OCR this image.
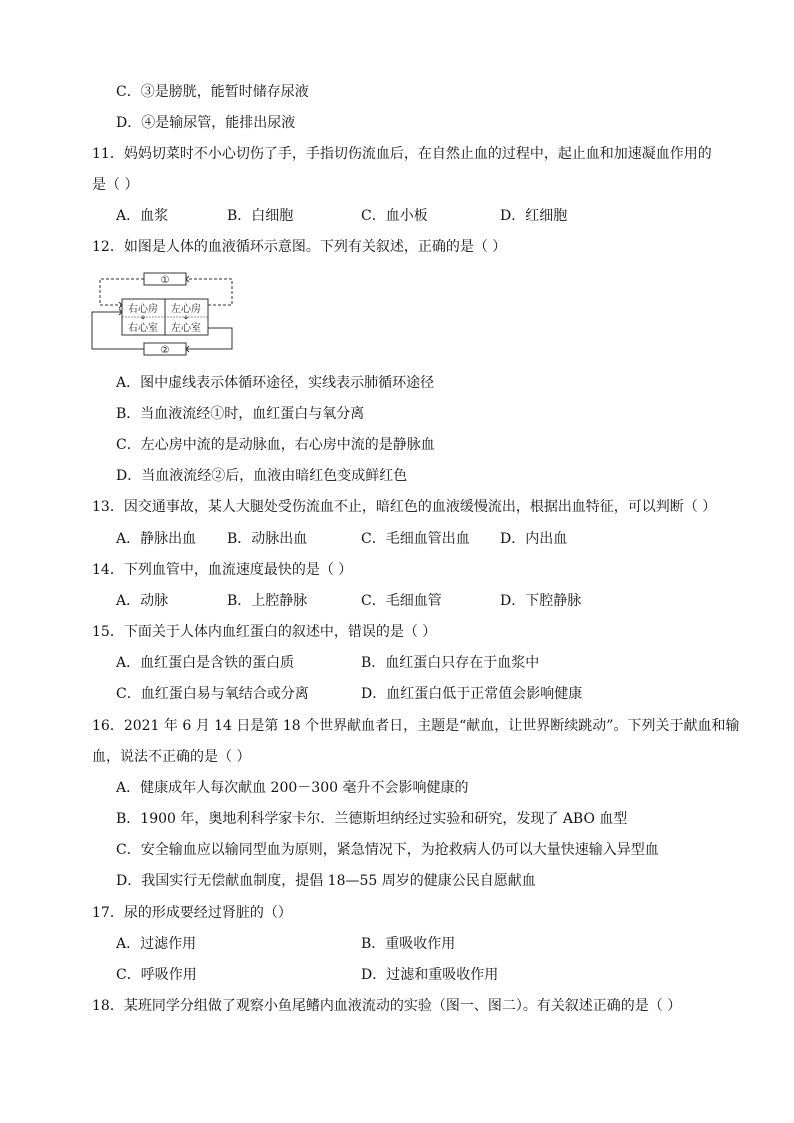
C．③是膀胱，能暂时储存尿液
D．④是输尿管，能排出尿液
11．妈妈切菜时不小心切伤了手，手指切伤流血后，在自然止血的过程中，起止血和加速凝血作用的
是（ ）
A．血浆	B．白细胞	C．血小板	D．红细胞
12．如图是人体的血液循环示意图。下列有关叙述，正确的是（ ）
①
右心房 左心房
右心室 左心室
②
A．图中虚线表示体循环途径，实线表示肺循环途径
B．当血液流经①时，血红蛋白与氧分离
C．左心房中流的是动脉血，右心房中流的是静脉血
D．当血液流经②后，血液由暗红色变成鲜红色
13．因交通事故，某人大腿处受伤流血不止，暗红色的血液缓慢流出，根据出血特征，可以判断（ ）
A．静脉出血 B．动脉出血	C．毛细血管出血 D．内出血
14．下列血管中，血流速度最快的是（ ）
A．动脉	B．上腔静脉	C．毛细血管	D．下腔静脉
15．下面关于人体内血红蛋白的叙述中，错误的是（ ）
A．血红蛋白是含铁的蛋白质	B．血红蛋白只存在于血浆中
C．血红蛋白易与氧结合或分离	D．血红蛋白低于正常值会影响健康
16．2021 年 6 月 14 日是第 18 个世界献血者日，主题是“献血，让世界断续跳动”。下列关于献血和输
血，说法不正确的是（ ）
A．健康成年人每次献血 200－300 毫升不会影响健康的
B．1900 年，奥地利科学家卡尔．兰德斯坦纳经过实验和研究，发现了 ABO 血型
C．安全输血应以输同型血为原则，紧急情况下，为抢救病人仍可以大量快速输入异型血
D．我国实行无偿献血制度，提倡 18—55 周岁的健康公民自愿献血
17．尿的形成要经过肾脏的（）
A．过滤作用	B．重吸收作用
C．呼吸作用	D．过滤和重吸收作用
18．某班同学分组做了观察小鱼尾鳍内血液流动的实验（图一、图二）。有关叙述正确的是（ ）
